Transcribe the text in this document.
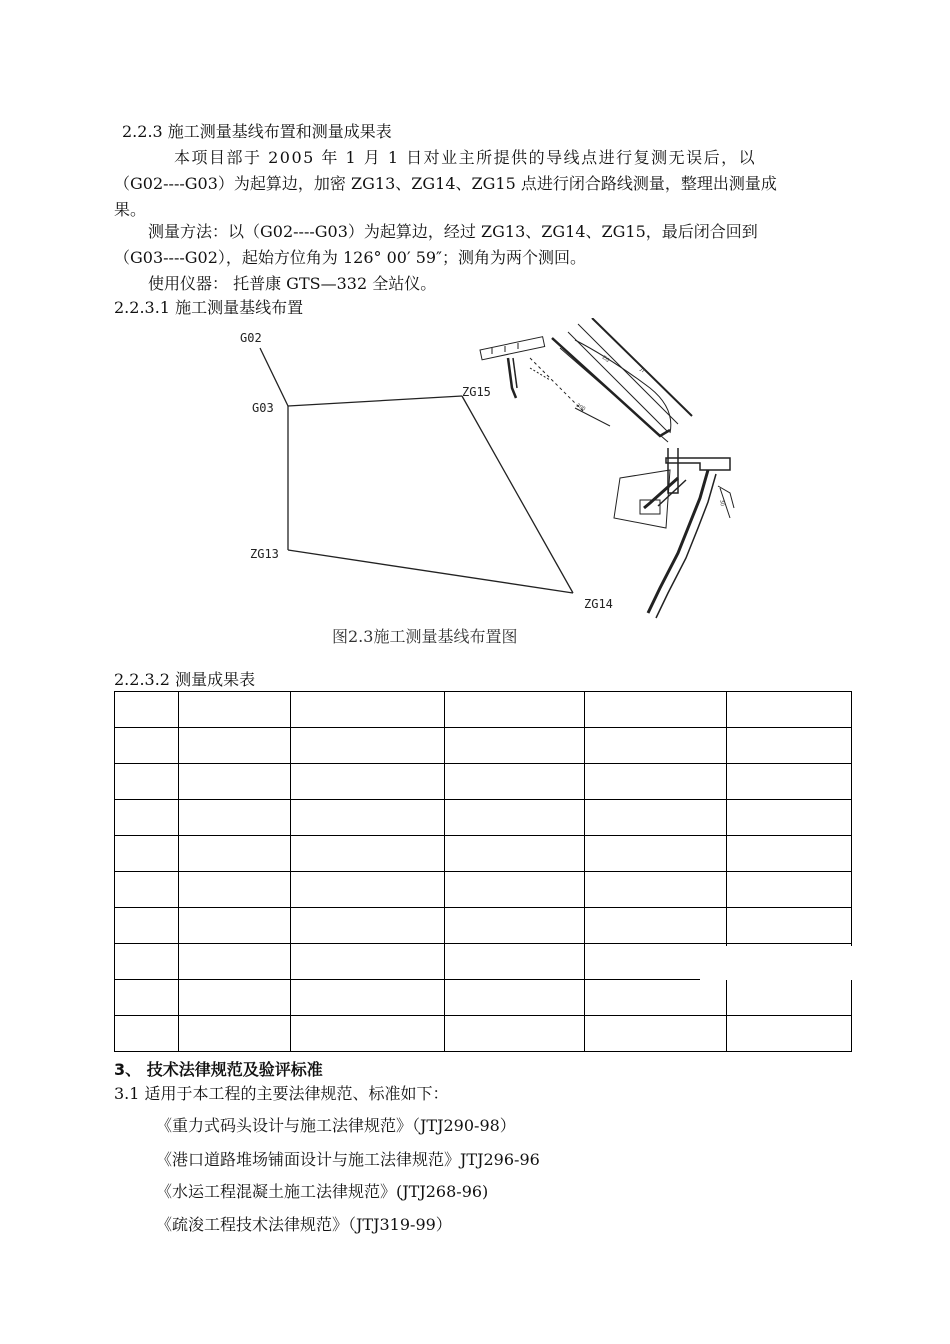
2.2.3 施工测量基线布置和测量成果表
本项目部于 2005 年 1 月 1 日对业主所提供的导线点进行复测无误后，以
（G02----G03）为起算边，加密 ZG13、ZG14、ZG15 点进行闭合路线测量，整理出测量成
果。
测量方法：以（G02----G03）为起算边，经过 ZG13、ZG14、ZG15，最后闭合回到
（G03----G02），起始方位角为 126° 00′ 59″；测角为两个测回。
使用仪器： 托普康 GTS—332 全站仪。
2.2.3.1 施工测量基线布置
G02
G03
ZG15
ZG13
ZG14
ZG
JT
300
30
图2.3施工测量基线布置图
2.2.3.2 测量成果表

3、 技术法律规范及验评标准
3.1 适用于本工程的主要法律规范、标准如下：
《重力式码头设计与施工法律规范》（JTJ290-98）
《港口道路堆场铺面设计与施工法律规范》JTJ296-96
《水运工程混凝土施工法律规范》(JTJ268-96)
《疏浚工程技术法律规范》（JTJ319-99）
